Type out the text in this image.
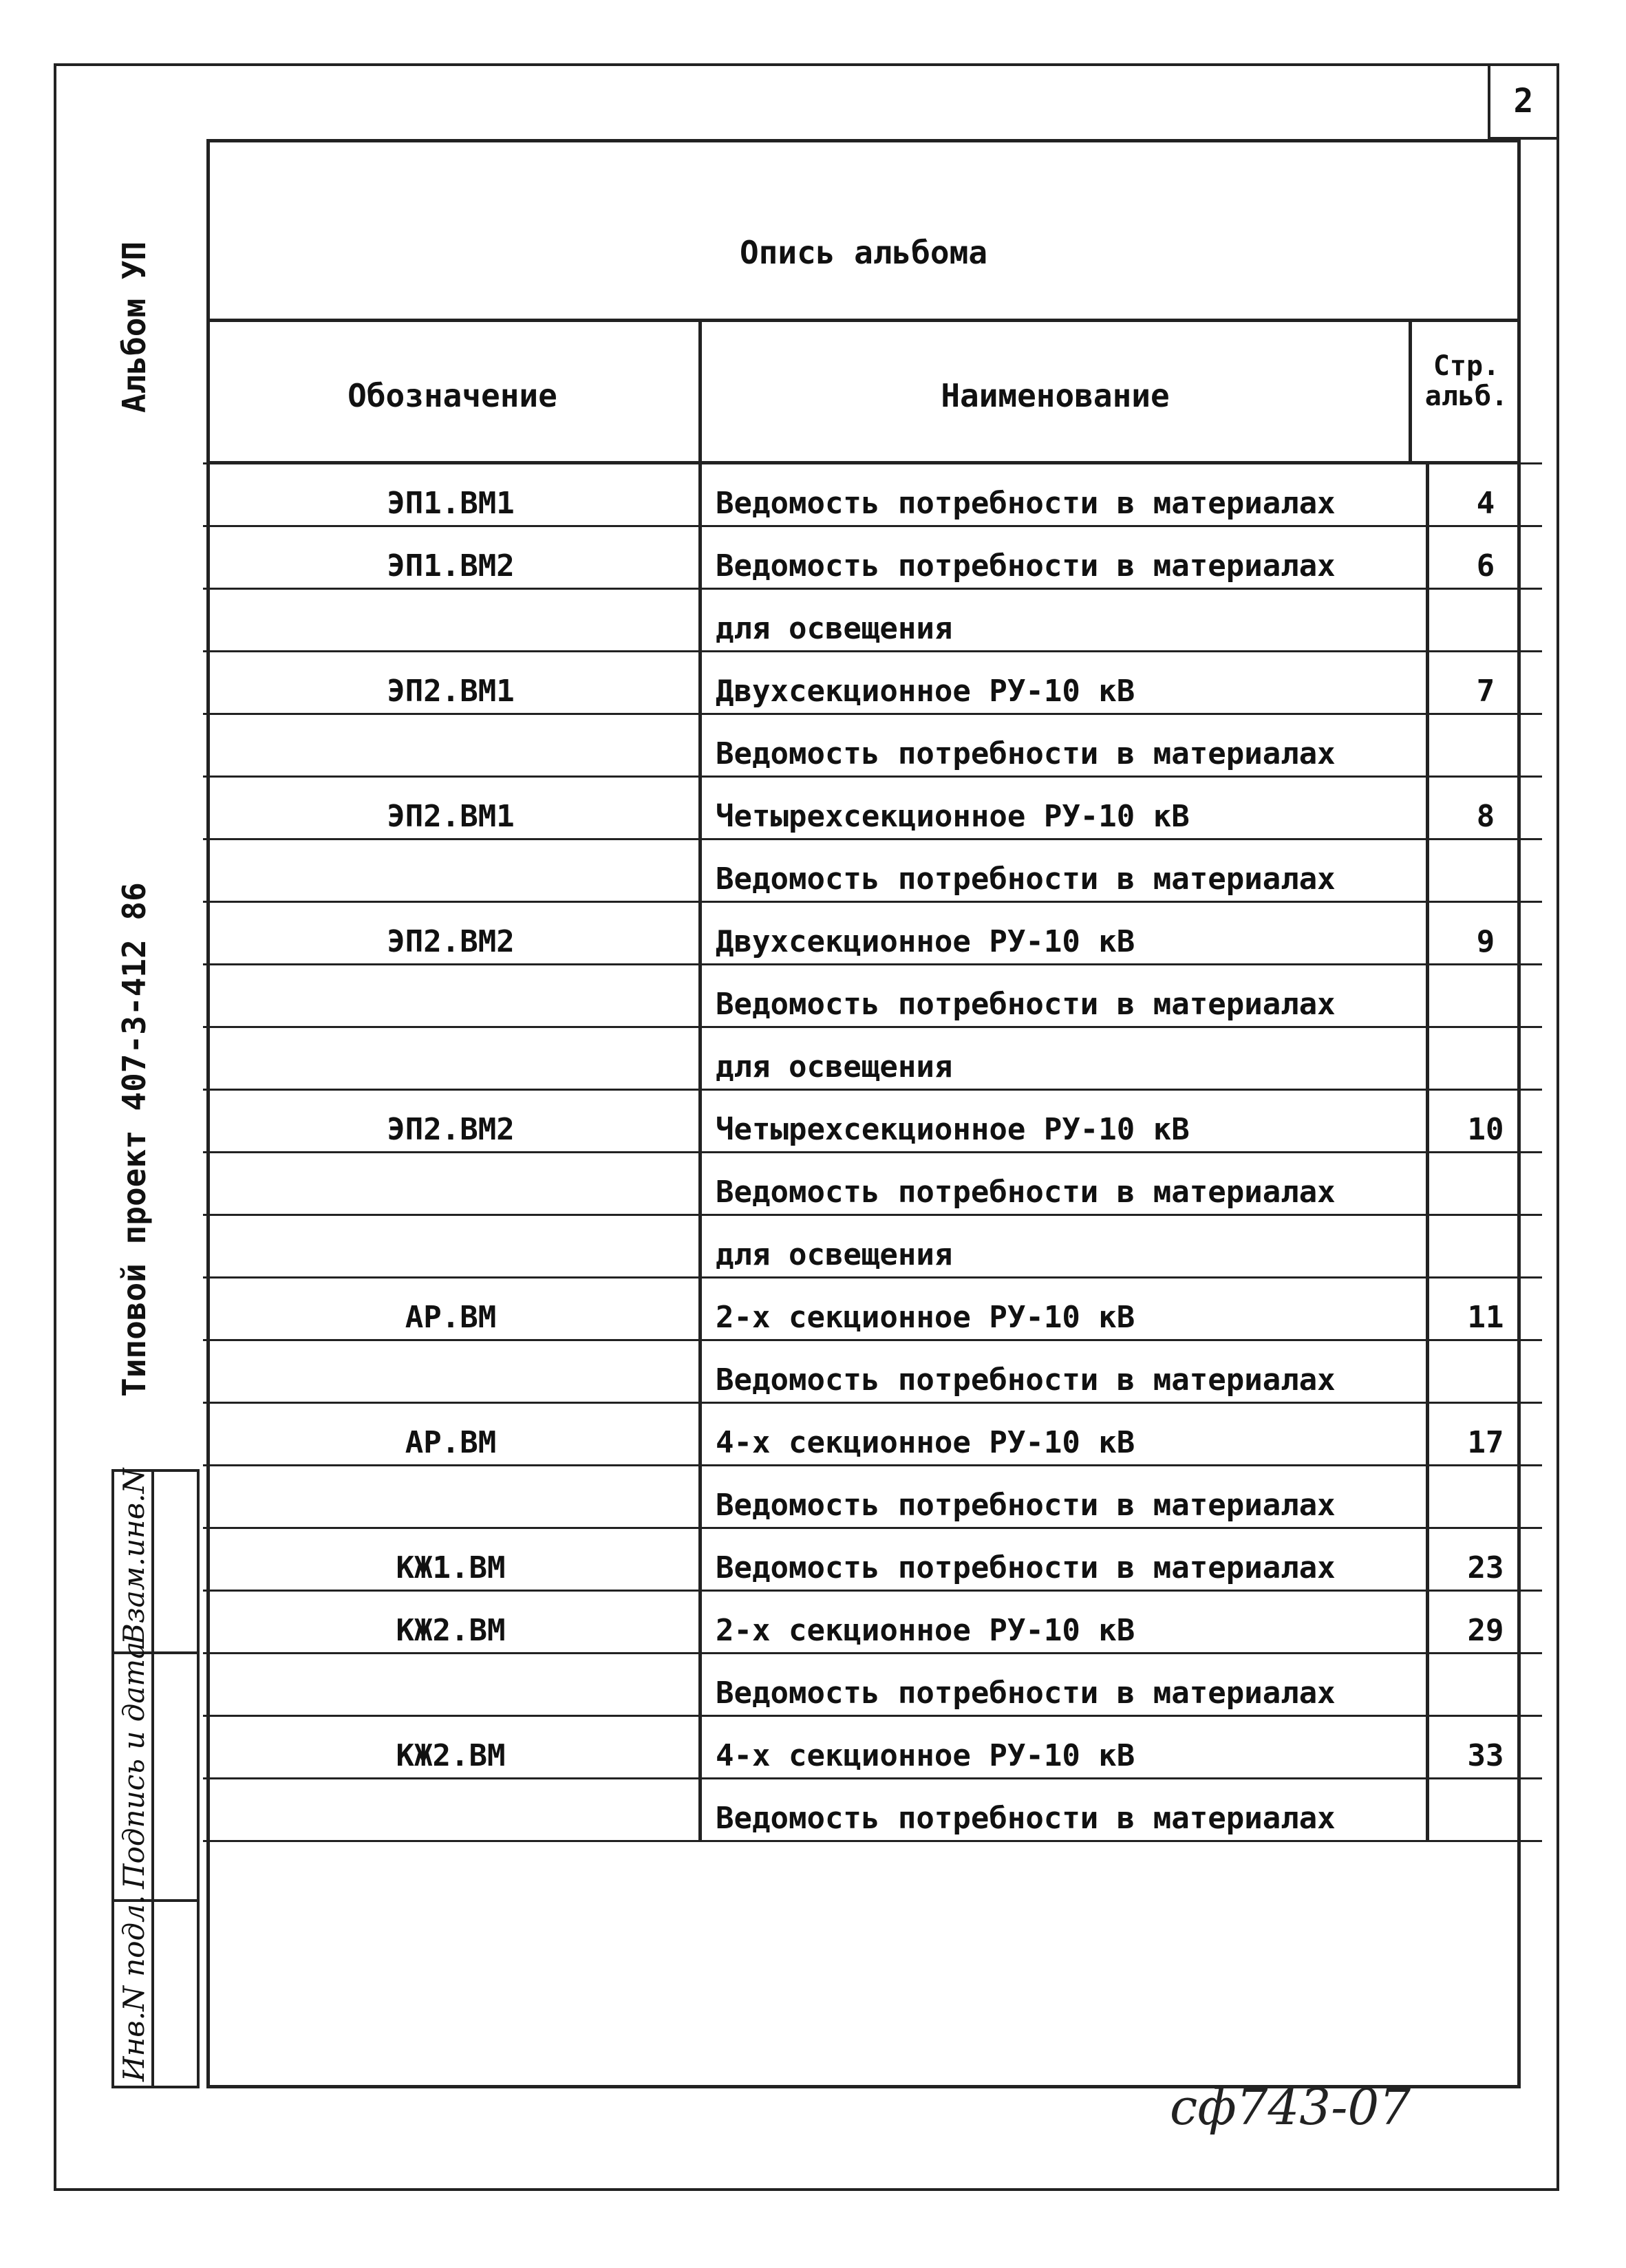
2
Альбом УП
Типовой проект 407-3-412 86
Взам.инв.N
Подпись и дата
Инв.N подл.
Опись альбома
Обозначение	Наименование
Стр. альб.
ЭП1.ВМ1	Ведомость потребности в материалах	4
ЭП1.ВМ2	Ведомость потребности в материалах	6
	для освещения	
ЭП2.ВМ1	Двухсекционное РУ-10 кВ	7
	Ведомость потребности в материалах	
ЭП2.ВМ1	Четырехсекционное РУ-10 кВ	8
	Ведомость потребности в материалах	
ЭП2.ВМ2	Двухсекционное РУ-10 кВ	9
	Ведомость потребности в материалах	
	для освещения	
ЭП2.ВМ2	Четырехсекционное РУ-10 кВ	10
	Ведомость потребности в материалах	
	для освещения	
АР.ВМ	2-х секционное РУ-10 кВ	11
	Ведомость потребности в материалах	
АР.ВМ	4-х секционное РУ-10 кВ	17
	Ведомость потребности в материалах	
КЖ1.ВМ	Ведомость потребности в материалах	23
КЖ2.ВМ	2-х секционное РУ-10 кВ	29
	Ведомость потребности в материалах	
КЖ2.ВМ	4-х секционное РУ-10 кВ	33
	Ведомость потребности в материалах	
сф743-07
